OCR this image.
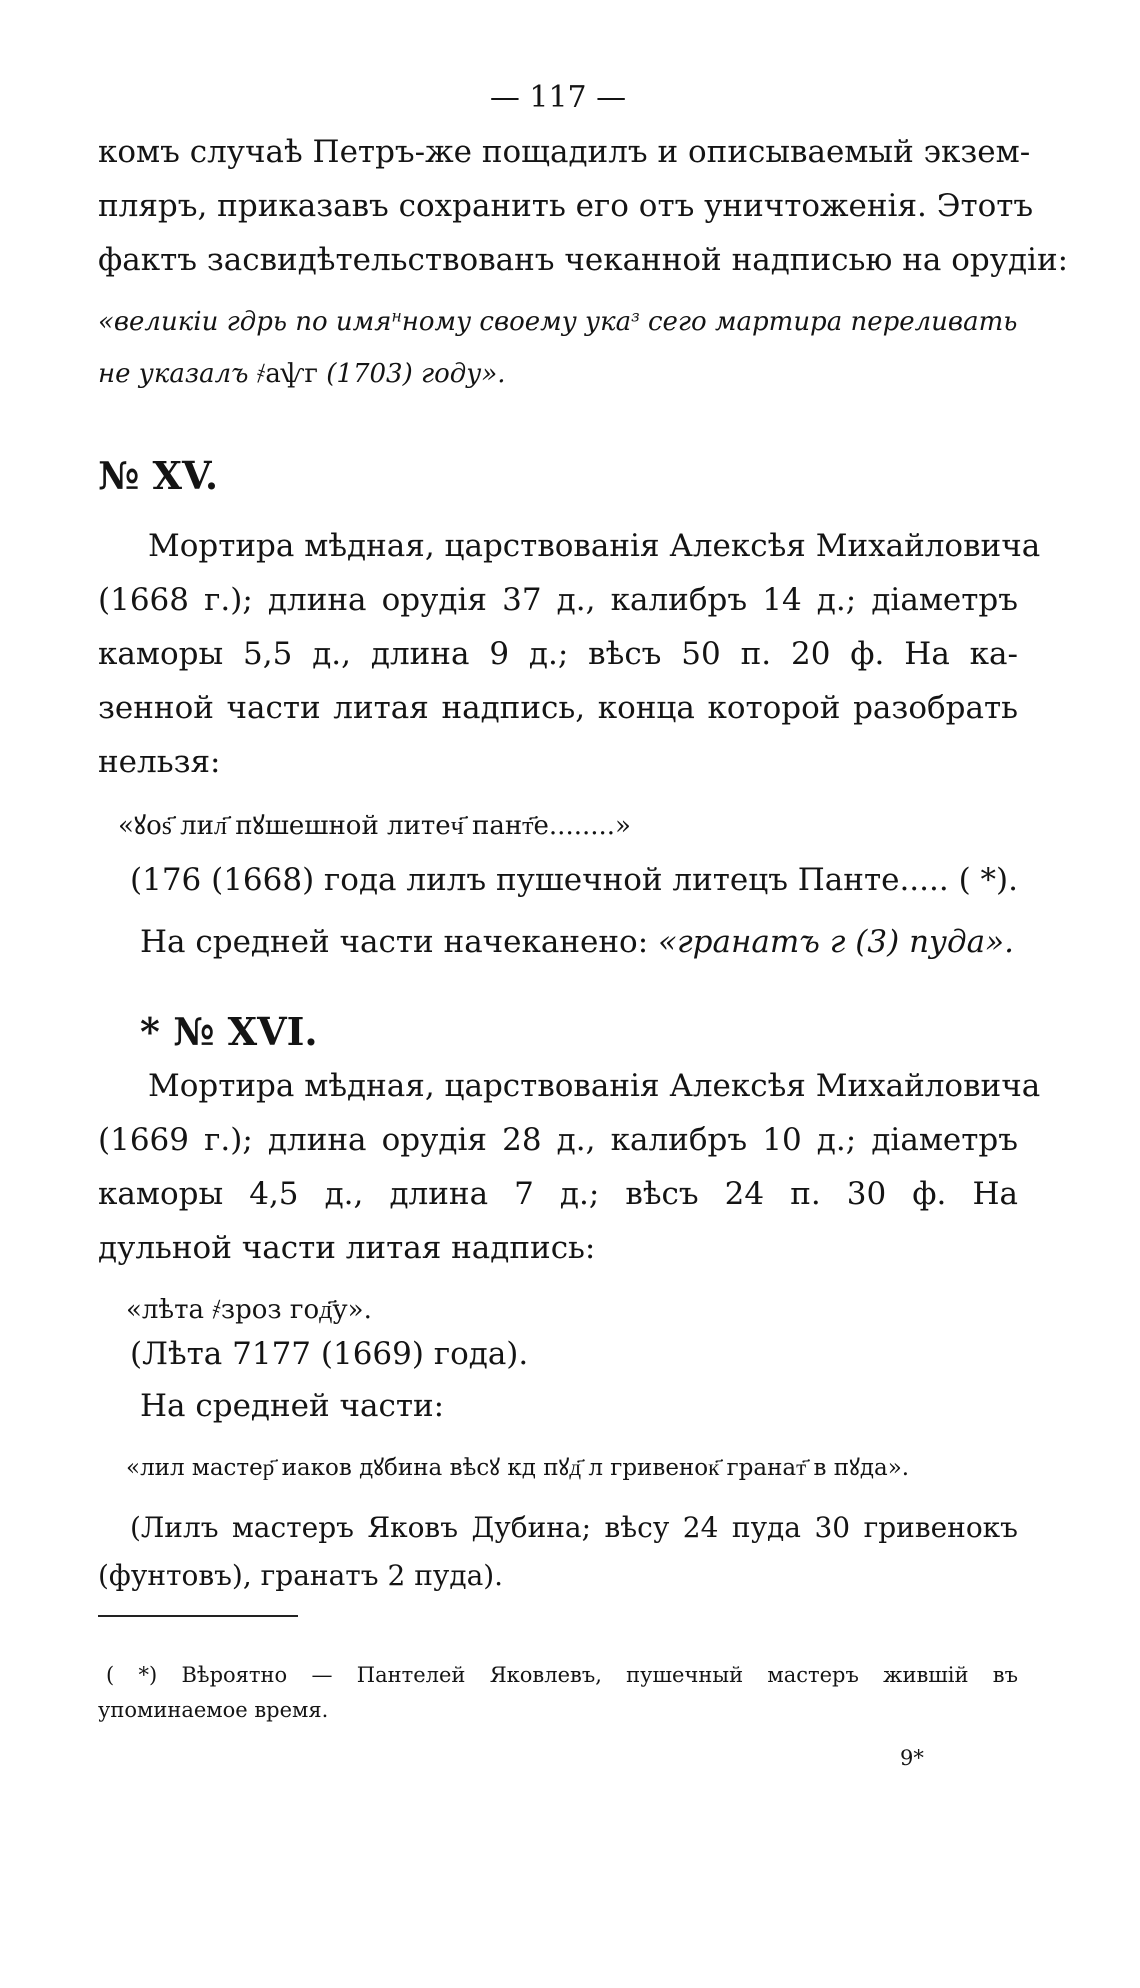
— 117 —
комъ случаѣ Петръ-же пощадилъ и описываемый экзем-
пляръ, приказавъ сохранить его отъ уничтоженія. Этотъ
фактъ засвидѣтельствованъ чеканной надписью на орудіи:
«великіи гдрь по имя$^н$ному своему ука$^з$ сего мартира переливать
не указалъ ҂аѱг (1703) году».
№ XV.
Мортира мѣдная, царствованія Алексѣя Михайловича
(1668 г.); длина орудія 37 д., калибръ 14 д.; діаметръ
каморы 5,5 д., длина 9 д.; вѣсъ 50 п. 20 ф. На ка-
зенной части литая надпись, конца которой разобрать
нельзя:
«ꙋоѕ҃ лил҃ пꙋшешной литеч҃ пант҃е........»
(176 (1668) года лилъ пушечной литецъ Панте..... ( *).
На средней части начеканено: «гранатъ г (3) пуда».
* № XVI.
Мортира мѣдная, царствованія Алексѣя Михайловича
(1669 г.); длина орудія 28 д., калибръ 10 д.; діаметръ
каморы 4,5 д., длина 7 д.; вѣсъ 24 п. 30 ф. На
дульной части литая надпись:
«лѣта ҂зроз год҃у».
(Лѣта 7177 (1669) года).
На средней части:
«лил мастер҃ иаков дꙋбина вѣсꙋ кд пꙋд҃ л гривенок҃ гранат҃ в пꙋда».
(Лилъ мастеръ Яковъ Дубина; вѣсу 24 пуда 30 гривенокъ
(фунтовъ), гранатъ 2 пуда).
( *) Вѣроятно — Пантелей Яковлевъ, пушечный мастеръ жившій въ
упоминаемое время.
9*
